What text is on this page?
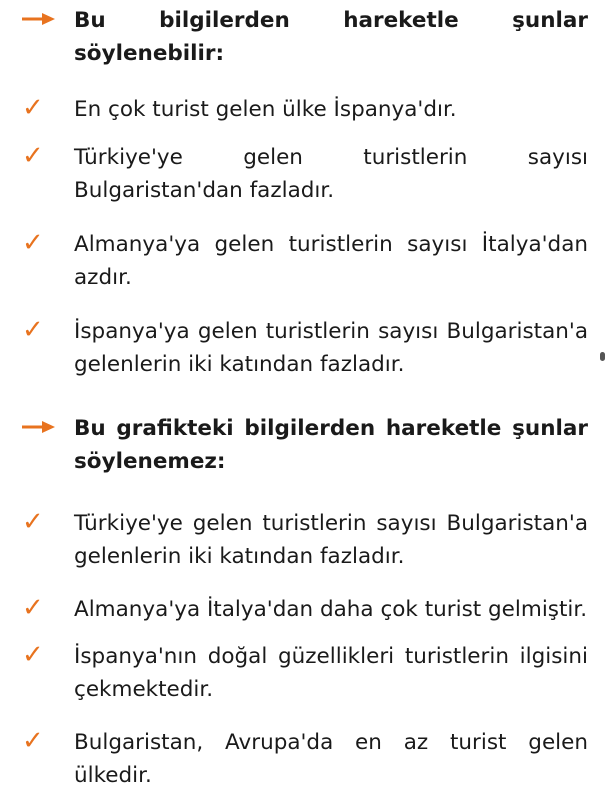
Bu bilgilerden hareketle şunlar söylenebilir:
✓	En çok turist gelen ülke İspanya'dır.
✓	Türkiye'ye gelen turistlerin sayısı Bulgaristan'dan fazladır.
✓	Almanya'ya gelen turistlerin sayısı İtalya'dan azdır.
✓	İspanya'ya gelen turistlerin sayısı Bulgaristan'a gelenlerin iki katından fazladır.
Bu grafikteki bilgilerden hareketle şunlar söylenemez:
✓	Türkiye'ye gelen turistlerin sayısı Bulgaristan'a gelenlerin iki katından fazladır.
✓	Almanya'ya İtalya'dan daha çok turist gelmiştir.
✓	İspanya'nın doğal güzellikleri turistlerin ilgisini çekmektedir.
✓	Bulgaristan, Avrupa'da en az turist gelen ülkedir.
